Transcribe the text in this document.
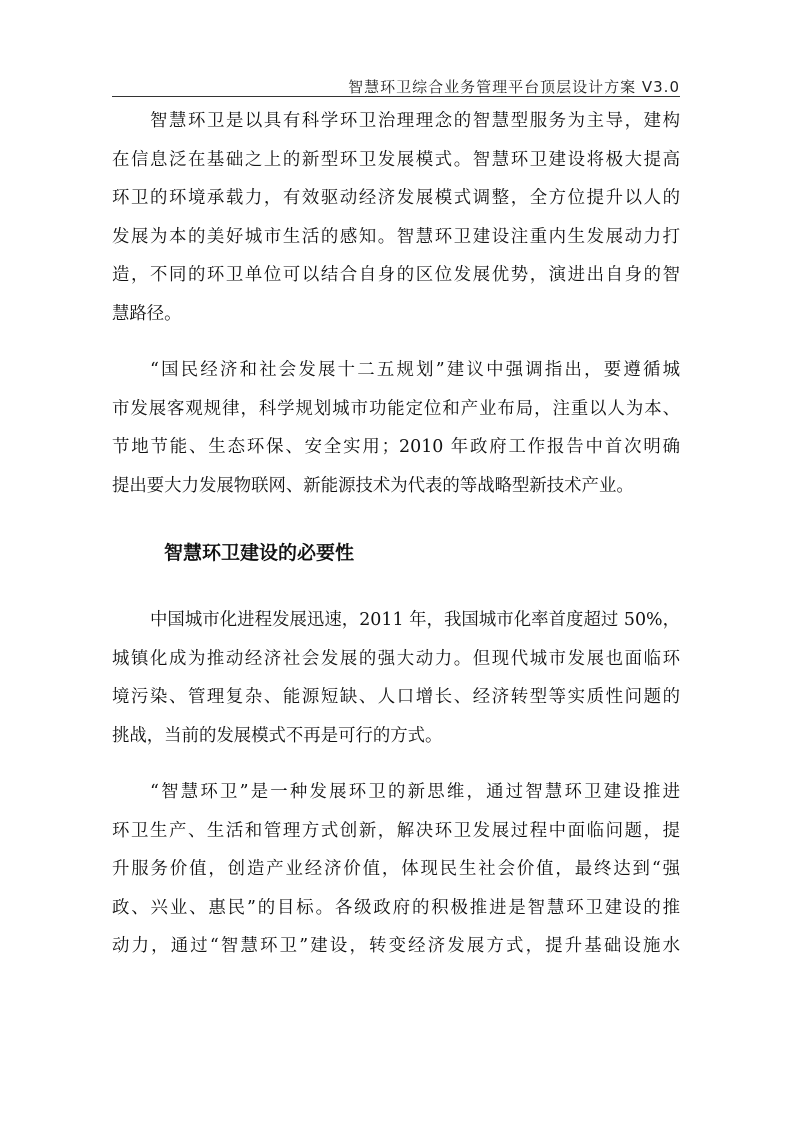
智慧环卫综合业务管理平台顶层设计方案 V3.0
智慧环卫是以具有科学环卫治理理念的智慧型服务为主导，建构
在信息泛在基础之上的新型环卫发展模式。智慧环卫建设将极大提高
环卫的环境承载力，有效驱动经济发展模式调整，全方位提升以人的
发展为本的美好城市生活的感知。智慧环卫建设注重内生发展动力打
造，不同的环卫单位可以结合自身的区位发展优势，演进出自身的智
慧路径。
“国民经济和社会发展十二五规划”建议中强调指出，要遵循城
市发展客观规律，科学规划城市功能定位和产业布局，注重以人为本、
节地节能、生态环保、安全实用；2010 年政府工作报告中首次明确
提出要大力发展物联网、新能源技术为代表的等战略型新技术产业。
智慧环卫建设的必要性
中国城市化进程发展迅速，2011 年，我国城市化率首度超过 50%，
城镇化成为推动经济社会发展的强大动力。但现代城市发展也面临环
境污染、管理复杂、能源短缺、人口增长、经济转型等实质性问题的
挑战，当前的发展模式不再是可行的方式。
“智慧环卫”是一种发展环卫的新思维，通过智慧环卫建设推进
环卫生产、生活和管理方式创新，解决环卫发展过程中面临问题，提
升服务价值，创造产业经济价值，体现民生社会价值，最终达到“强
政、兴业、惠民”的目标。各级政府的积极推进是智慧环卫建设的推
动力，通过“智慧环卫”建设，转变经济发展方式，提升基础设施水
